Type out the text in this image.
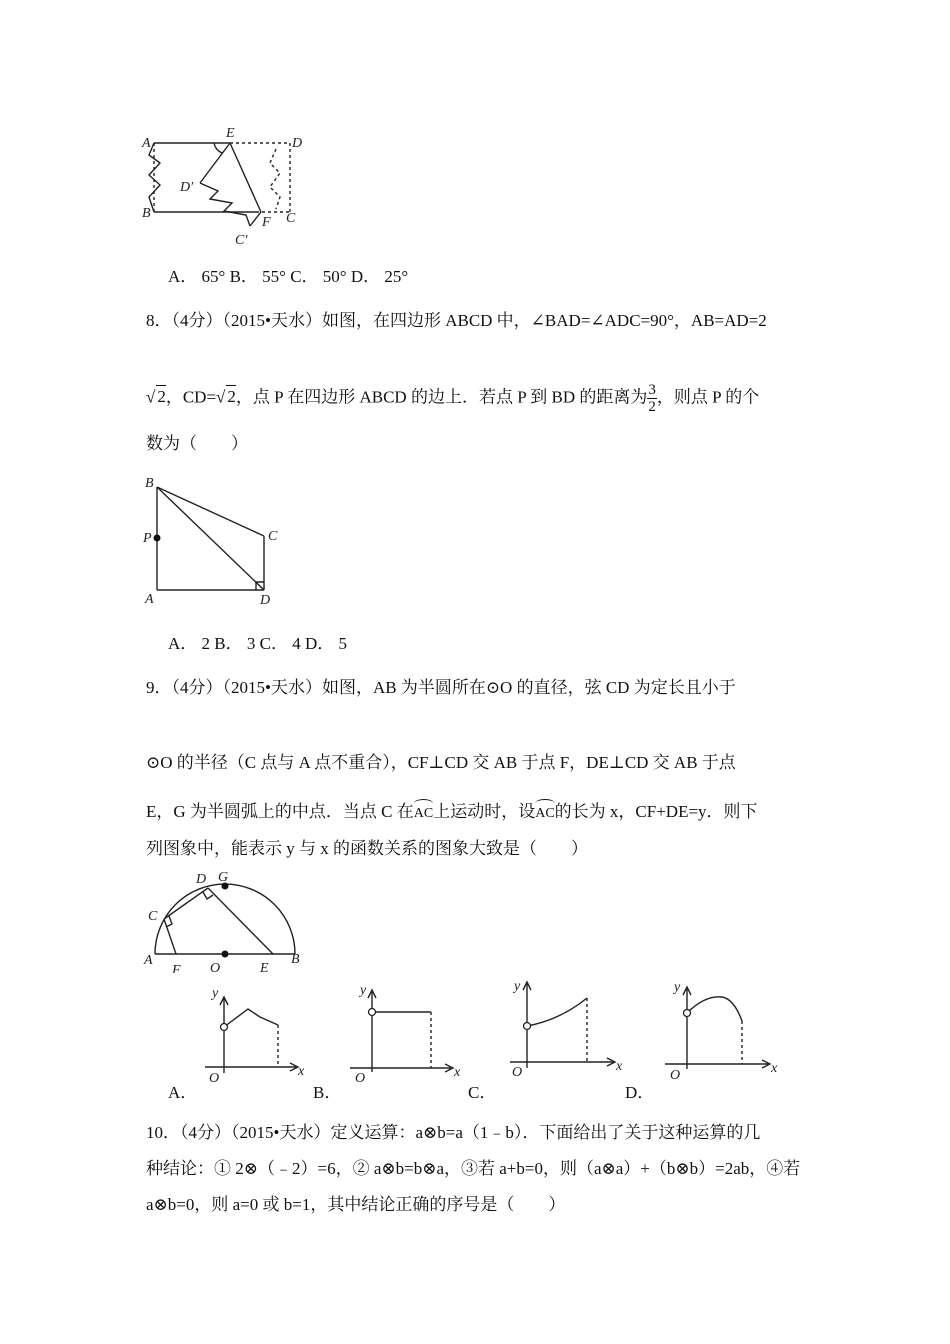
A
B
E
D
C
D′
F
C′
A． 65° B． 55° C． 50° D． 25°
8．（4分）（2015•天水）如图，在四边形 ABCD 中，∠BAD=∠ADC=90°，AB=AD=2
√ 2，CD=√ 2，点 P 在四边形 ABCD 的边上．若点 P 到 BD 的距离为 $\frac{3}{2}$ ，则点 P 的个
数为（　　）
B
P	C
A	D
A． 2 B． 3 C． 4 D． 5
9．（4分）（2015•天水）如图，AB 为半圆所在⊙O 的直径，弦 CD 为定长且小于
⊙O 的半径（C 点与 A 点不重合），CF⊥CD 交 AB 于点 F，DE⊥CD 交 AB 于点
E，G 为半圆弧上的中点．当点 C 在AC上运动时，设AC的长为 x，CF+DE=y．则下
列图象中，能表示 y 与 x 的函数关系的图象大致是（　　）
A
F O	E
B
C
D G
y
x
O
A．
y
x
O
B．
y
x
O
C．
y
x
O
D．
10．（4分）（2015•天水）定义运算：a⊗b=a（1﹣b）．下面给出了关于这种运算的几
种结论：① 2⊗（﹣2）=6，② a⊗b=b⊗a，③若 a+b=0，则（a⊗a）+（b⊗b）=2ab，④若
a⊗b=0，则 a=0 或 b=1，其中结论正确的序号是（　　）
